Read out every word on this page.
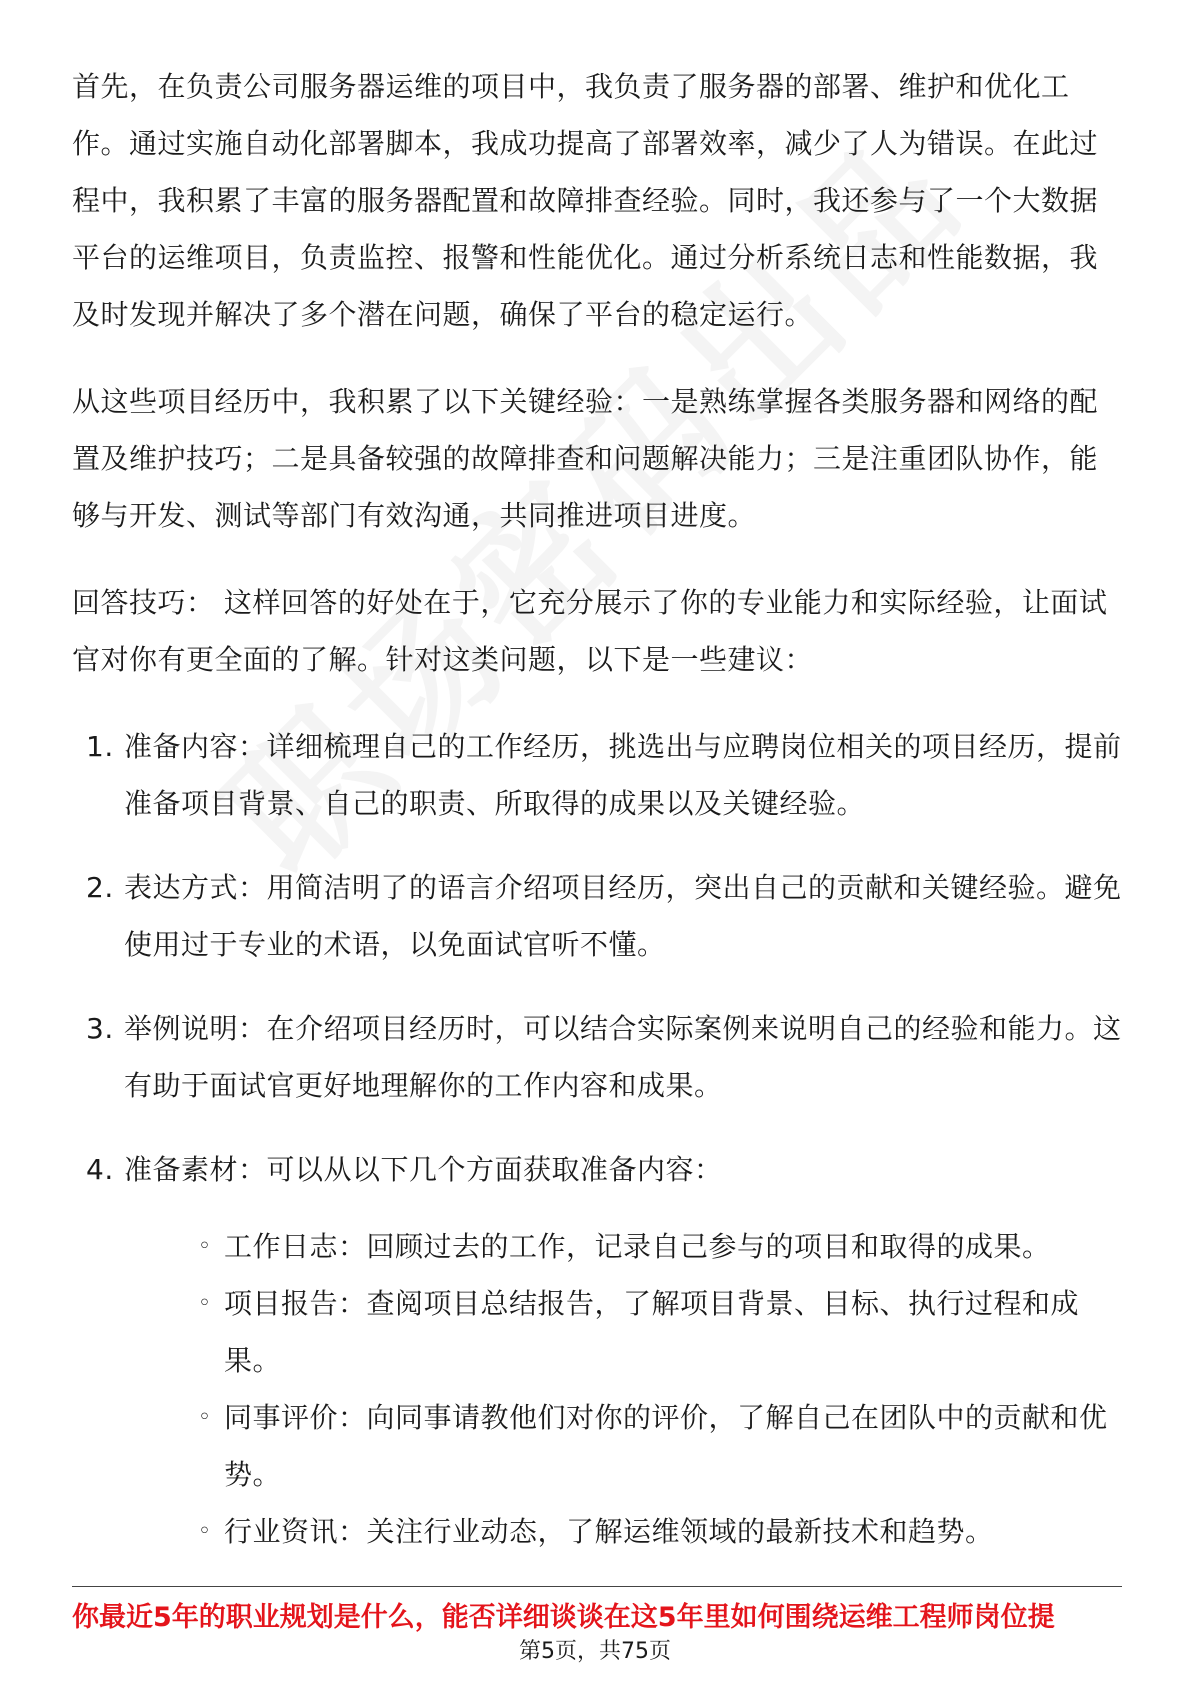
首先，在负责公司服务器运维的项目中，我负责了服务器的部署、维护和优化工作。通过实施自动化部署脚本，我成功提高了部署效率，减少了人为错误。在此过程中，我积累了丰富的服务器配置和故障排查经验。同时，我还参与了一个大数据平台的运维项目，负责监控、报警和性能优化。通过分析系统日志和性能数据，我及时发现并解决了多个潜在问题，确保了平台的稳定运行。

从这些项目经历中，我积累了以下关键经验：一是熟练掌握各类服务器和网络的配置及维护技巧；二是具备较强的故障排查和问题解决能力；三是注重团队协作，能够与开发、测试等部门有效沟通，共同推进项目进度。

回答技巧： 这样回答的好处在于，它充分展示了你的专业能力和实际经验，让面试官对你有更全面的了解。针对这类问题，以下是一些建议：

1. 准备内容：详细梳理自己的工作经历，挑选出与应聘岗位相关的项目经历，提前准备项目背景、自己的职责、所取得的成果以及关键经验。
2. 表达方式：用简洁明了的语言介绍项目经历，突出自己的贡献和关键经验。避免使用过于专业的术语，以免面试官听不懂。
3. 举例说明：在介绍项目经历时，可以结合实际案例来说明自己的经验和能力。这有助于面试官更好地理解你的工作内容和成果。
4. 准备素材：可以从以下几个方面获取准备内容：
◦ 工作日志：回顾过去的工作，记录自己参与的项目和取得的成果。
◦ 项目报告：查阅项目总结报告，了解项目背景、目标、执行过程和成果。
◦ 同事评价：向同事请教他们对你的评价，了解自己在团队中的贡献和优势。
◦ 行业资讯：关注行业动态，了解运维领域的最新技术和趋势。
你最近5年的职业规划是什么，能否详细谈谈在这5年里如何围绕运维工程师岗位提
第5页，共75页
